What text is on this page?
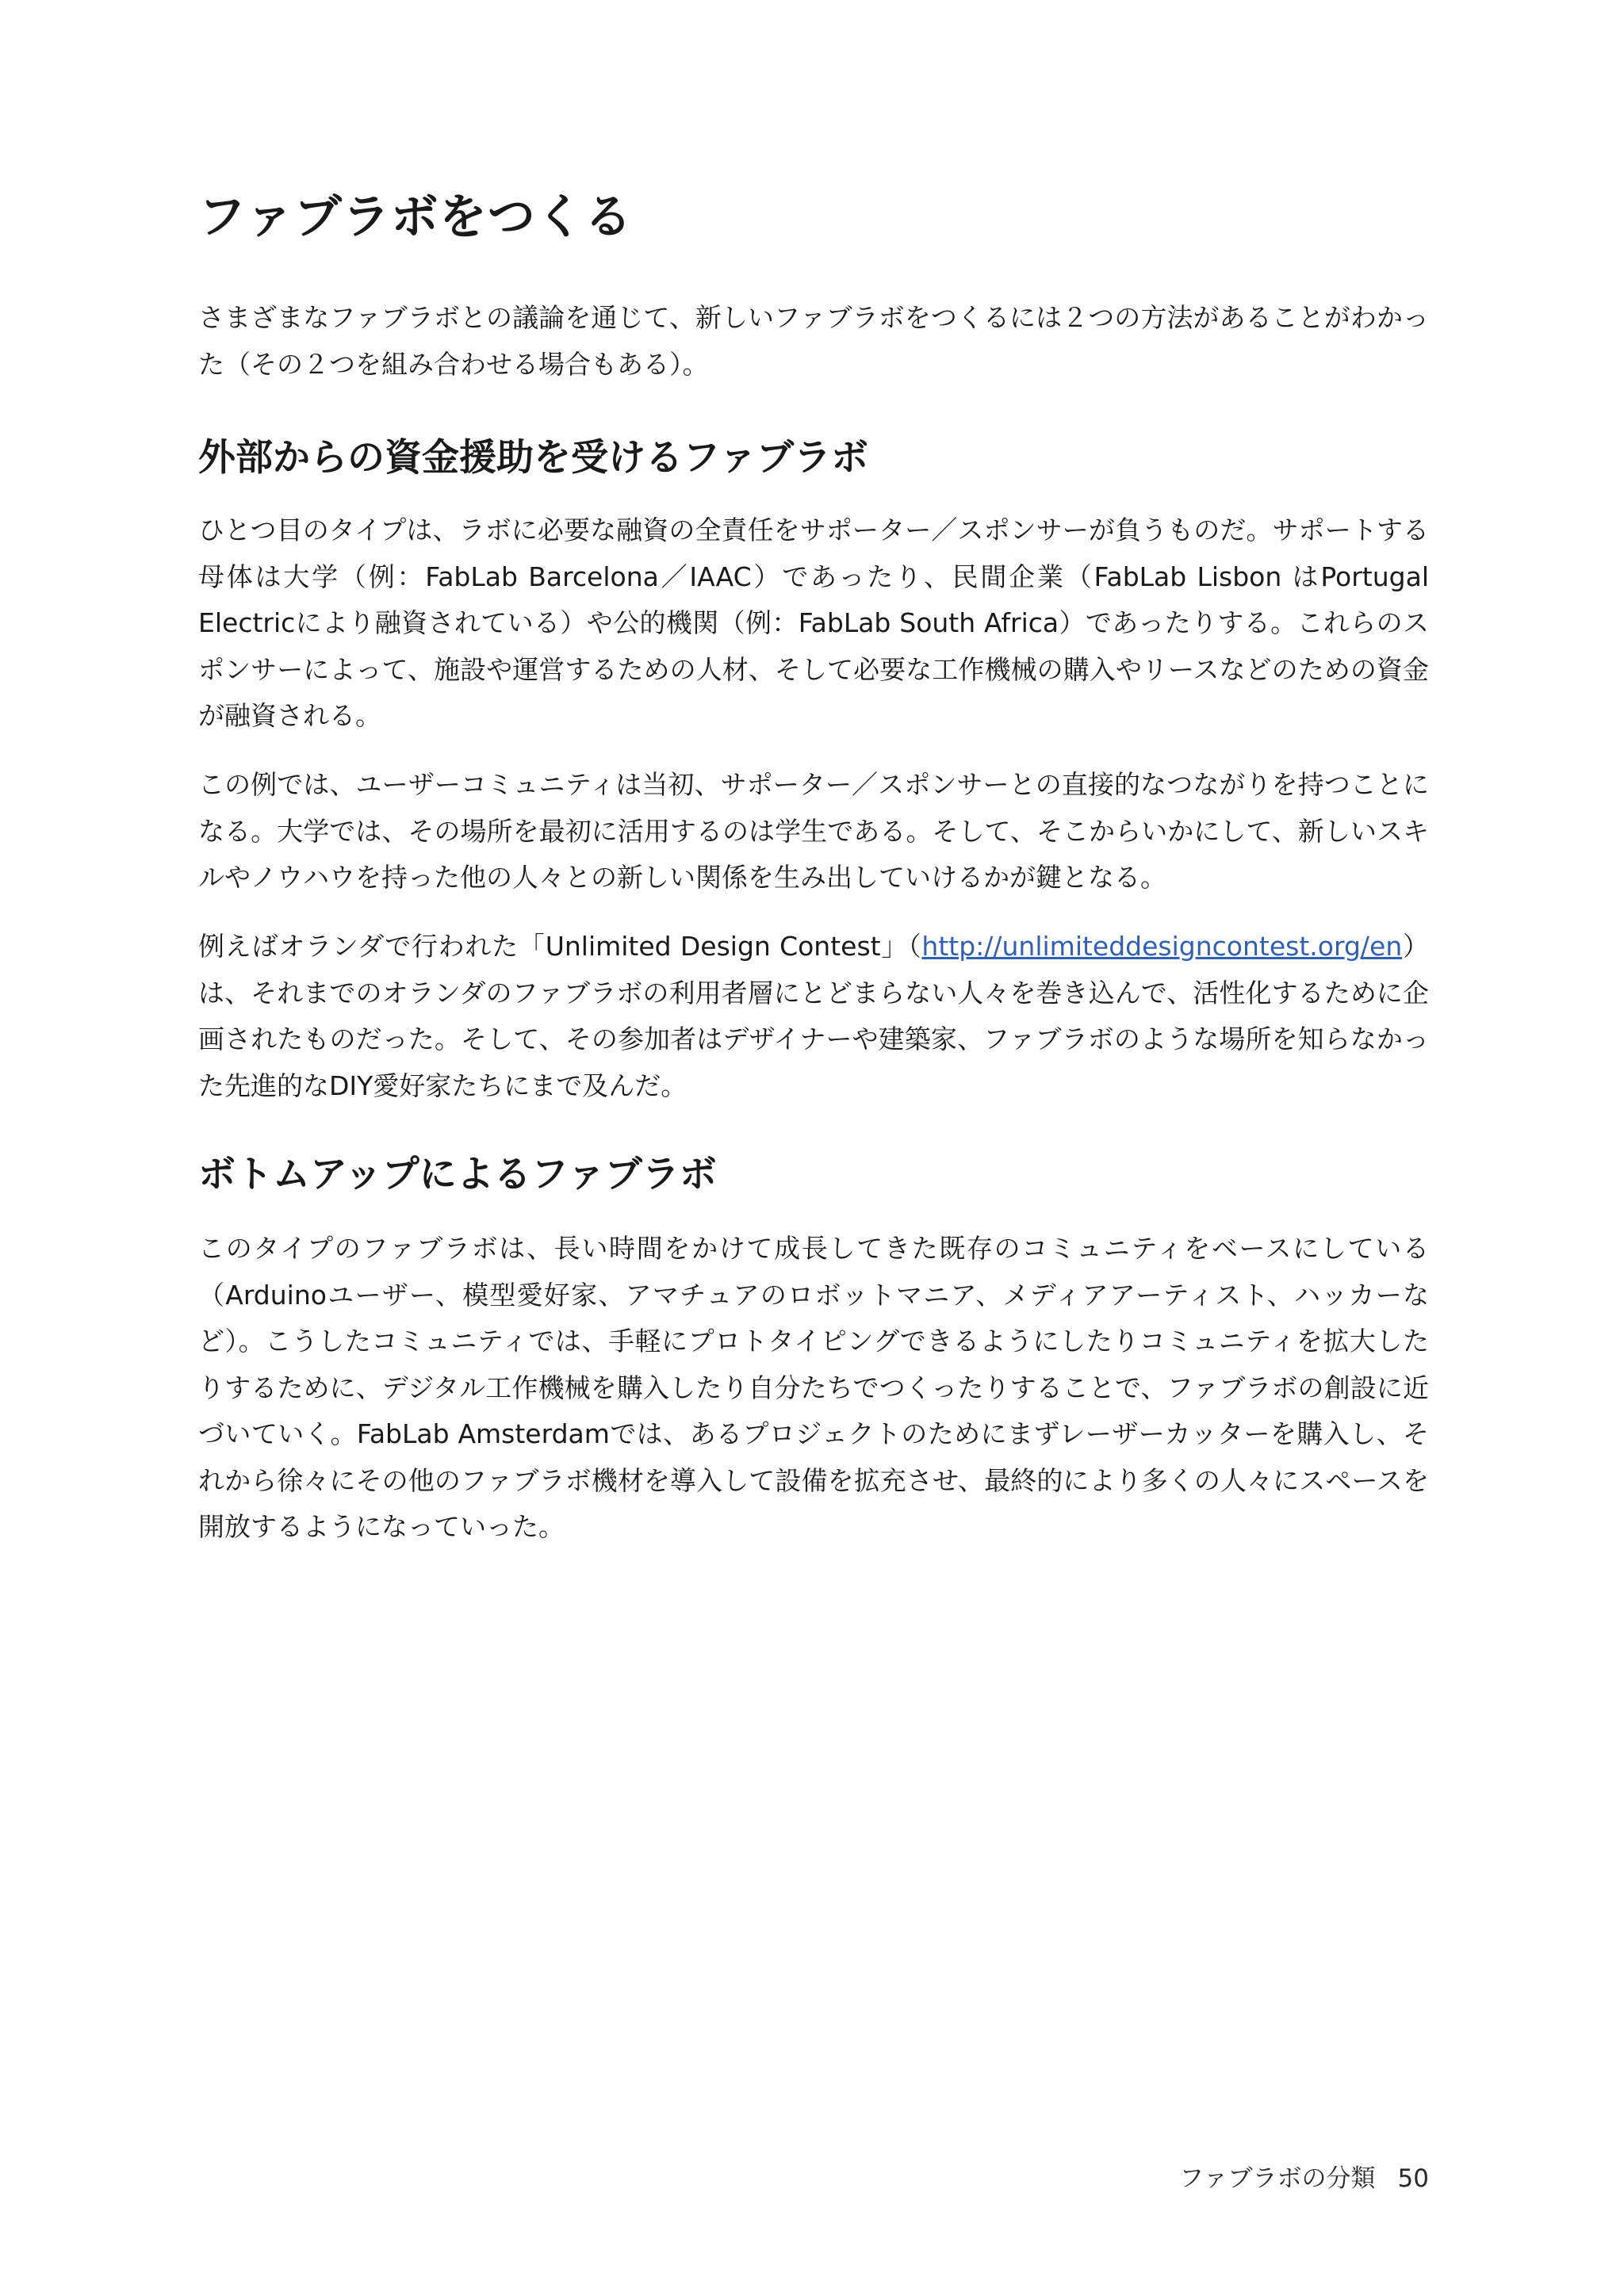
ファブラボをつくる

さまざまなファブラボとの議論を通じて、新しいファブラボをつくるには２つの方法があることがわかった（その２つを組み合わせる場合もある）。

外部からの資金援助を受けるファブラボ

ひとつ目のタイプは、ラボに必要な融資の全責任をサポーター／スポンサーが負うものだ。サポートする母体は大学（例：FabLab Barcelona／IAAC）であったり、民間企業（FabLab Lisbon はPortugal Electricにより融資されている）や公的機関（例：FabLab South Africa）であったりする。これらのスポンサーによって、施設や運営するための人材、そして必要な工作機械の購入やリースなどのための資金が融資される。

この例では、ユーザーコミュニティは当初、サポーター／スポンサーとの直接的なつながりを持つことになる。大学では、その場所を最初に活用するのは学生である。そして、そこからいかにして、新しいスキルやノウハウを持った他の人々との新しい関係を生み出していけるかが鍵となる。

例えばオランダで行われた「Unlimited Design Contest」（http://unlimiteddesigncontest.org/en）は、それまでのオランダのファブラボの利用者層にとどまらない人々を巻き込んで、活性化するために企画されたものだった。そして、その参加者はデザイナーや建築家、ファブラボのような場所を知らなかった先進的なDIY愛好家たちにまで及んだ。

ボトムアップによるファブラボ

このタイプのファブラボは、長い時間をかけて成長してきた既存のコミュニティをベースにしている（Arduinoユーザー、模型愛好家、アマチュアのロボットマニア、メディアアーティスト、ハッカーなど）。こうしたコミュニティでは、手軽にプロトタイピングできるようにしたりコミュニティを拡大したりするために、デジタル工作機械を購入したり自分たちでつくったりすることで、ファブラボの創設に近づいていく。FabLab Amsterdamでは、あるプロジェクトのためにまずレーザーカッターを購入し、それから徐々にその他のファブラボ機材を導入して設備を拡充させ、最終的により多くの人々にスペースを開放するようになっていった。

ファブラボの分類 50
